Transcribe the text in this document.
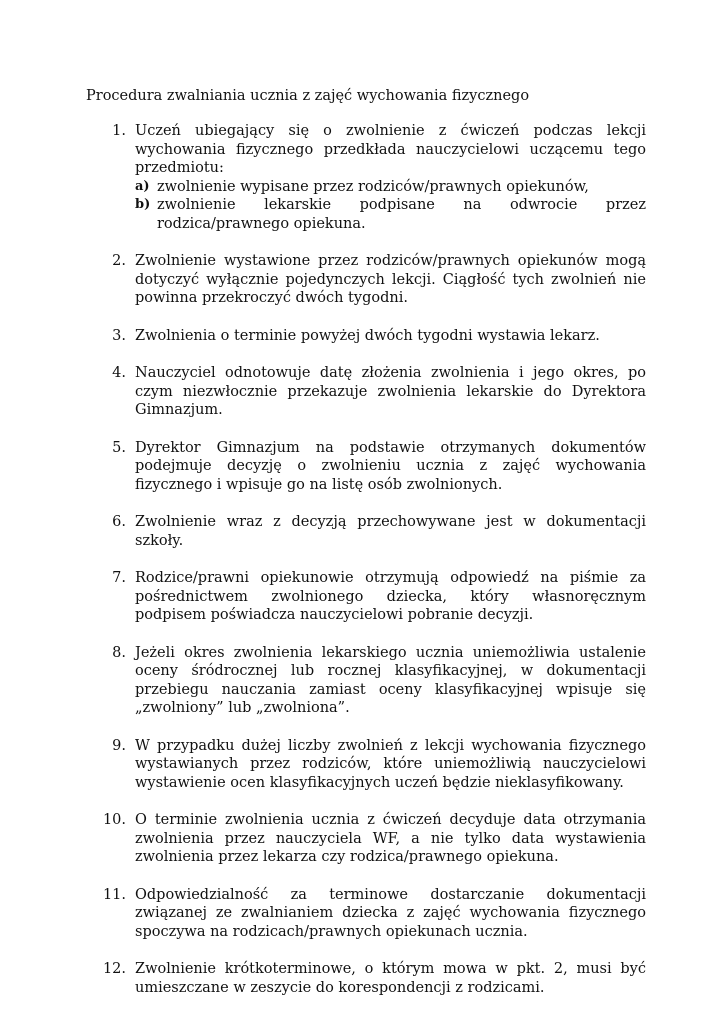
Procedura zwalniania ucznia z zajęć wychowania fizycznego
1. Uczeń ubiegający się o zwolnienie z ćwiczeń podczas lekcji wychowania fizycznego przedkłada nauczycielowi uczącemu tego przedmiotu:
a) zwolnienie wypisane przez rodziców/prawnych opiekunów,
b) zwolnienie lekarskie podpisane na odwrocie przez rodzica/prawnego opiekuna.
2. Zwolnienie wystawione przez rodziców/prawnych opiekunów mogą dotyczyć wyłącznie pojedynczych lekcji. Ciągłość tych zwolnień nie powinna przekroczyć dwóch tygodni.
3. Zwolnienia o terminie powyżej dwóch tygodni wystawia lekarz.
4. Nauczyciel odnotowuje datę złożenia zwolnienia i jego okres, po czym niezwłocznie przekazuje zwolnienia lekarskie do Dyrektora Gimnazjum.
5. Dyrektor Gimnazjum na podstawie otrzymanych dokumentów podejmuje decyzję o zwolnieniu ucznia z zajęć wychowania fizycznego i wpisuje go na listę osób zwolnionych.
6. Zwolnienie wraz z decyzją przechowywane jest w dokumentacji szkoły.
7. Rodzice/prawni opiekunowie otrzymują odpowiedź na piśmie za pośrednictwem zwolnionego dziecka, który własnoręcznym podpisem poświadcza nauczycielowi pobranie decyzji.
8. Jeżeli okres zwolnienia lekarskiego ucznia uniemożliwia ustalenie oceny śródrocznej lub rocznej klasyfikacyjnej, w dokumentacji przebiegu nauczania zamiast oceny klasyfikacyjnej wpisuje się „zwolniony” lub „zwolniona”.
9. W przypadku dużej liczby zwolnień z lekcji wychowania fizycznego wystawianych przez rodziców, które uniemożliwią nauczycielowi wystawienie ocen klasyfikacyjnych uczeń będzie nieklasyfikowany.
10. O terminie zwolnienia ucznia z ćwiczeń decyduje data otrzymania zwolnienia przez nauczyciela WF, a nie tylko data wystawienia zwolnienia przez lekarza czy rodzica/prawnego opiekuna.
11. Odpowiedzialność za terminowe dostarczanie dokumentacji związanej ze zwalnianiem dziecka z zajęć wychowania fizycznego spoczywa na rodzicach/prawnych opiekunach ucznia.
12. Zwolnienie krótkoterminowe, o którym mowa w pkt. 2, musi być umieszczane w zeszycie do korespondencji z rodzicami.
